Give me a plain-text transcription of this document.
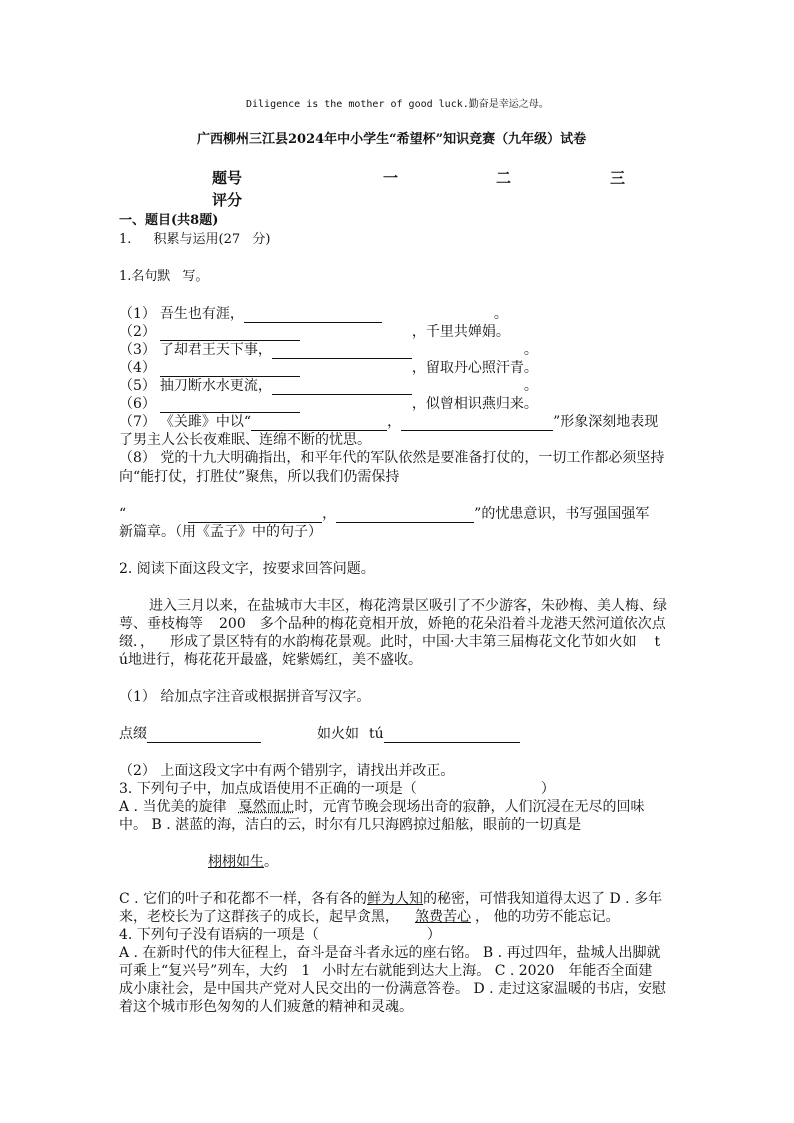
Diligence is the mother of good luck.勤奋是幸运之母。
广西柳州三江县2024年中小学生“希望杯”知识竞赛（九年级）试卷
题号	一	二	三
评分
一、题目(共8题)
1. 积累与运用(27 分)
1.名句默 写。
（1） 吾生也有涯，	。
（2）	，千里共婵娟。
（3） 了却君王天下事，	。
（4）	，留取丹心照汗青。
（5） 抽刀断水水更流，	。
（6）	，似曾相识燕归来。
（7） 《关雎》中以“	，	”形象深刻地表现
了男主人公长夜难眠、连绵不断的忧思。
（8） 党的十九大明确指出，和平年代的军队依然是要准备打仗的，一切工作都必须坚持
向“能打仗，打胜仗”聚焦，所以我们仍需保持
“	，	”的忧患意识，书写强国强军
新篇章。（用《孟子》中的句子）
2. 阅读下面这段文字，按要求回答问题。
进入三月以来，在盐城市大丰区，梅花湾景区吸引了不少游客，朱砂梅、美人梅、绿
萼、垂枝梅等 200 多个品种的梅花竟相开放，娇艳的花朵沿着斗龙港天然河道依次点
缀．， 形成了景区特有的水韵梅花景观。此时，中国·大丰第三届梅花文化节如火如 t
ú地进行，梅花花开最盛，姹紫嫣红，美不盛收。
（1） 给加点字注音或根据拼音写汉字。
点缀	如火如 tú
（2） 上面这段文字中有两个错别字，请找出并改正。
3. 下列句子中，加点成语使用不正确的一项是（	）
A . 当优美的旋律 戛然而止时，元宵节晚会现场出奇的寂静，人们沉浸在无尽的回味
中。 B . 湛蓝的海，洁白的云，时尔有几只海鸥掠过船舷，眼前的一切真是
栩栩如生。
C . 它们的叶子和花都不一样，各有各的鲜为人知的秘密，可惜我知道得太迟了 D . 多年
来，老校长为了这群孩子的成长，起早贪黑， 煞费苦心 ， 他的功劳不能忘记。
4. 下列句子没有语病的一项是（	）
A . 在新时代的伟大征程上，奋斗是奋斗者永远的座右铭。 B . 再过四年，盐城人出脚就
可乘上“复兴号”列车，大约 1 小时左右就能到达大上海。 C . 2020 年能否全面建
成小康社会，是中国共产党对人民交出的一份满意答卷。 D . 走过这家温暖的书店，安慰
着这个城市形色匆匆的人们疲惫的精神和灵魂。
